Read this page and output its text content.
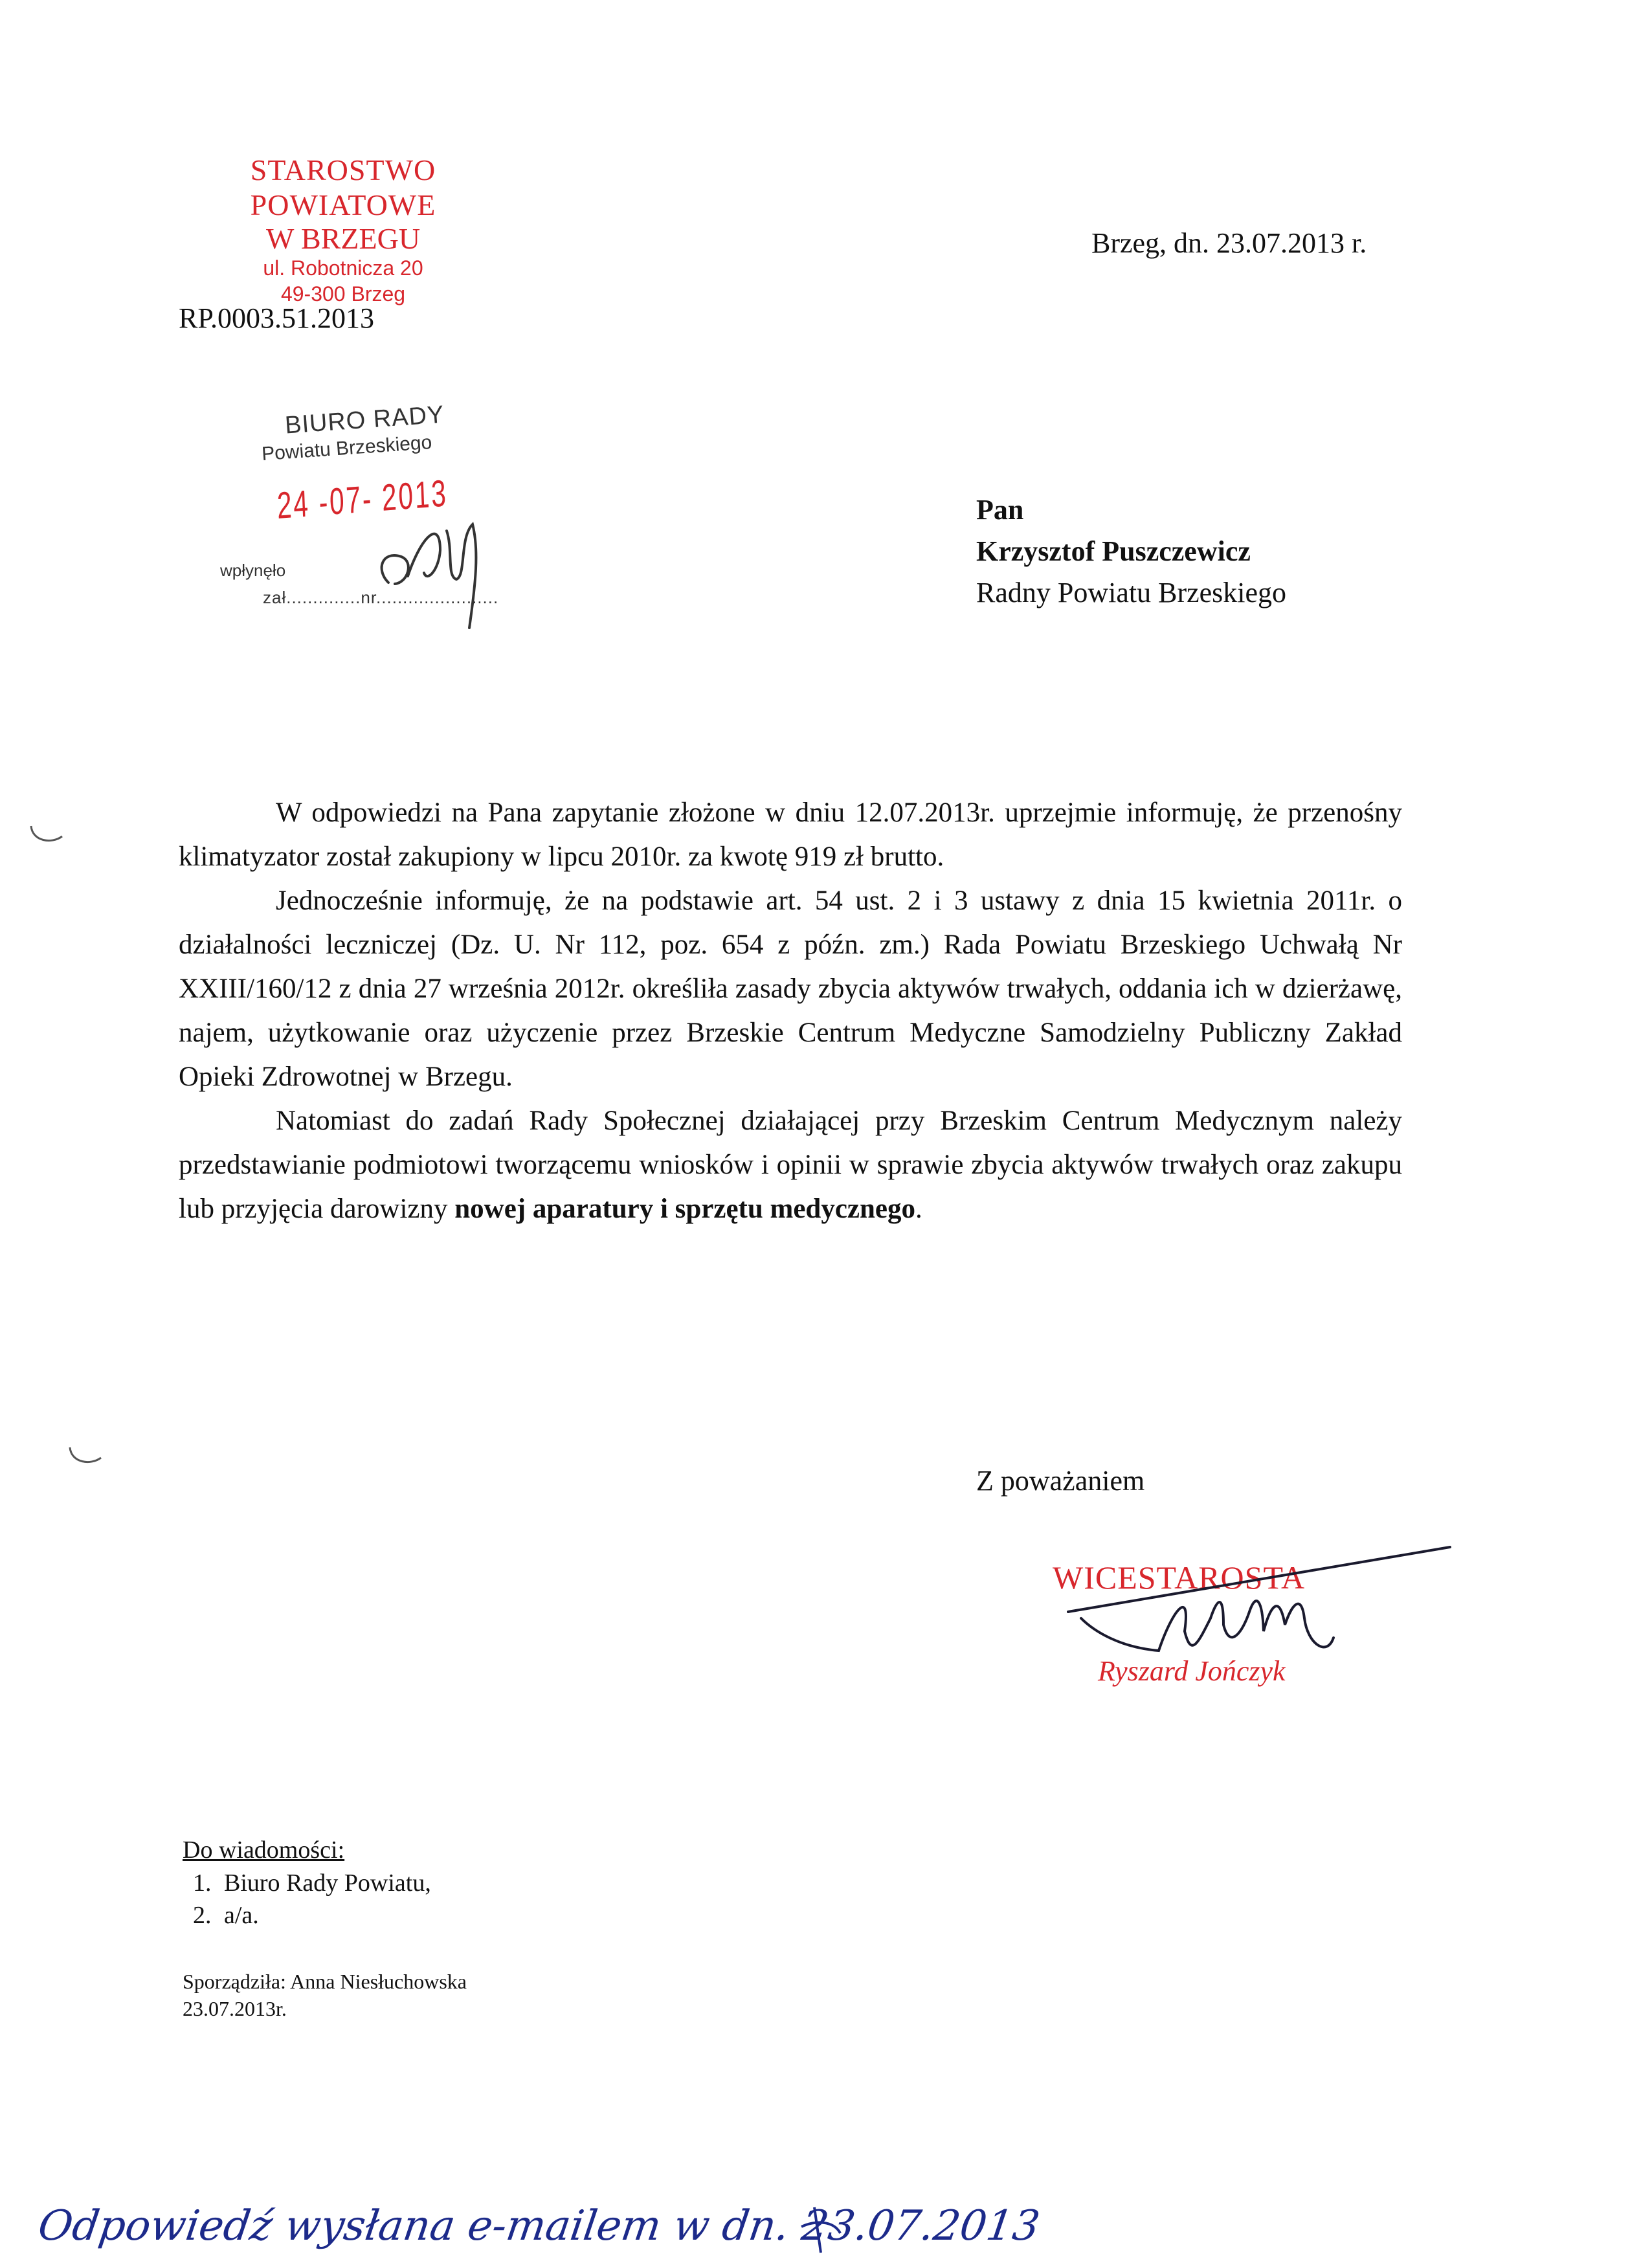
STAROSTWO POWIATOWE
W BRZEGU
ul. Robotnicza 20
49-300 Brzeg
Brzeg, dn. 23.07.2013 r.
RP.0003.51.2013
BIURO RADY
Powiatu Brzeskiego
24 -07- 2013
wpłynęło
zał..............nr.......................
Pan
Krzysztof Puszczewicz
Radny Powiatu Brzeskiego

W odpowiedzi na Pana zapytanie złożone w dniu 12.07.2013r. uprzejmie informuję, że przenośny klimatyzator został zakupiony w lipcu 2010r. za kwotę 919 zł brutto.

Jednocześnie informuję, że na podstawie art. 54 ust. 2 i 3 ustawy z dnia 15 kwietnia 2011r. o działalności leczniczej (Dz. U. Nr 112, poz. 654 z późn. zm.) Rada Powiatu Brzeskiego Uchwałą Nr XXIII/160/12 z dnia 27 września 2012r. określiła zasady zbycia aktywów trwałych, oddania ich w dzierżawę, najem, użytkowanie oraz użyczenie przez Brzeskie Centrum Medyczne Samodzielny Publiczny Zakład Opieki Zdrowotnej w Brzegu.

Natomiast do zadań Rady Społecznej działającej przy Brzeskim Centrum Medycznym należy przedstawianie podmiotowi tworzącemu wniosków i opinii w sprawie zbycia aktywów trwałych oraz zakupu lub przyjęcia darowizny nowej aparatury i sprzętu medycznego.

Z poważaniem
WICESTAROSTA
Ryszard Jończyk
Do wiadomości:
1. Biuro Rady Powiatu,
2. a/a.
Sporządziła: Anna Niesłuchowska
23.07.2013r.
Odpowiedź wysłana e-mailem w dn. 23.07.2013
